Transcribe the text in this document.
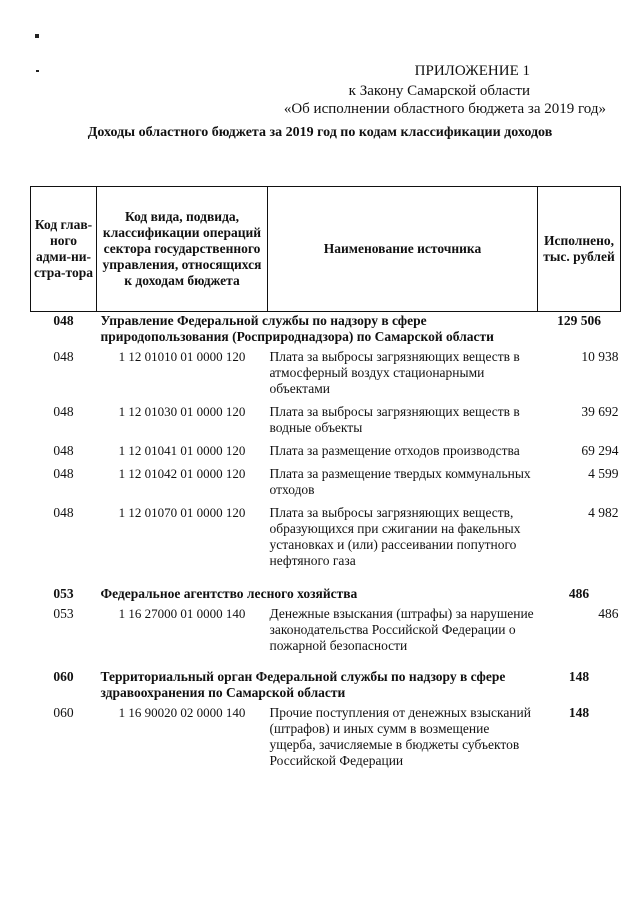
ПРИЛОЖЕНИЕ 1
к Закону Самарской области
«Об исполнении областного бюджета за 2019 год»
Доходы областного бюджета за 2019 год по кодам классификации доходов
Код глав-ного адми-ни-стра-тора	Код вида, подвида, классификации операций сектора государственного управления, относящихся к доходам бюджета	Наименование источника	Исполнено, тыс. рублей
048	Управление Федеральной службы по надзору в сфере природопользования (Росприроднадзора) по Самарской области		129 506
048	1 12 01010 01 0000 120	Плата за выбросы загрязняющих веществ в атмосферный воздух стационарными объектами	10 938
048	1 12 01030 01 0000 120	Плата за выбросы загрязняющих веществ в водные объекты	39 692
048	1 12 01041 01 0000 120	Плата за размещение отходов производства	69 294
048	1 12 01042 01 0000 120	Плата за размещение твердых коммунальных отходов	4 599
048	1 12 01070 01 0000 120	Плата за выбросы загрязняющих веществ, образующихся при сжигании на факельных установках и (или) рассеивании попутного нефтяного газа	4 982
053	Федеральное агентство лесного хозяйства		486
053	1 16 27000 01 0000 140	Денежные взыскания (штрафы) за нарушение законодательства Российской Федерации о пожарной безопасности	486
060	Территориальный орган Федеральной службы по надзору в сфере здравоохранения по Самарской области		148
060	1 16 90020 02 0000 140	Прочие поступления от денежных взысканий (штрафов) и иных сумм в возмещение ущерба, зачисляемые в бюджеты субъектов Российской Федерации	148
